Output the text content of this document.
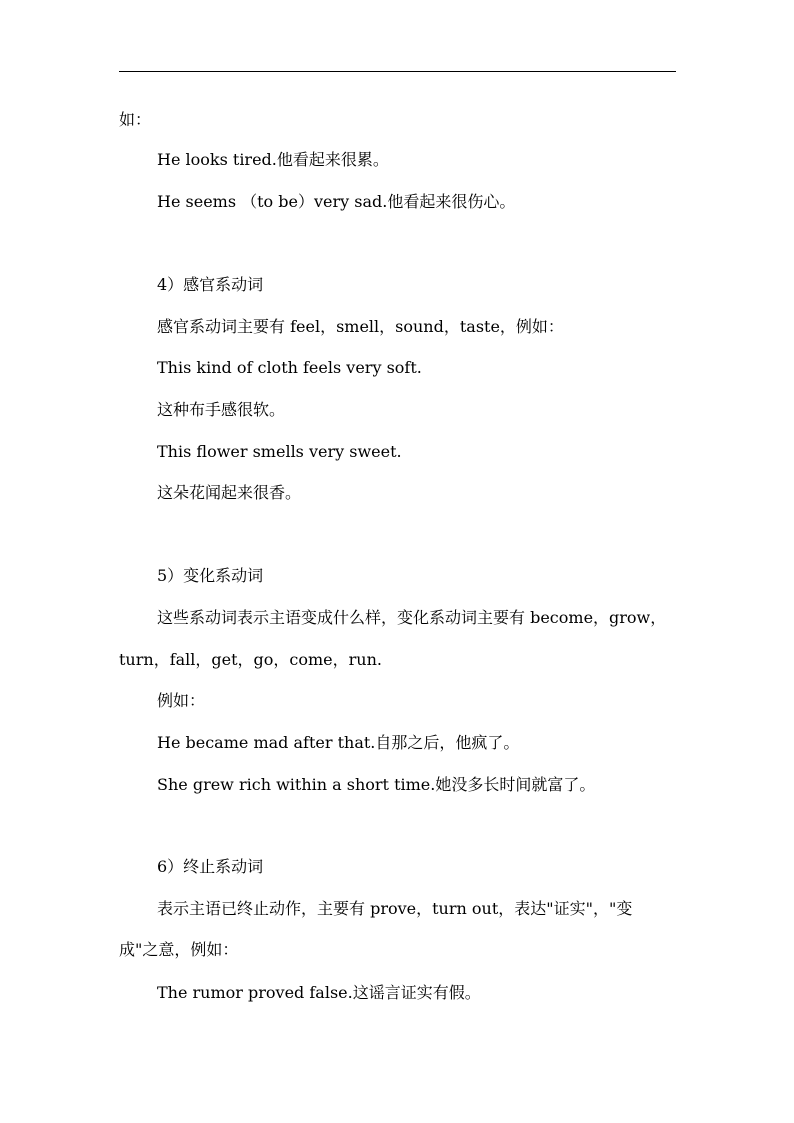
如：
He looks tired.他看起来很累。
He seems （to be）very sad.他看起来很伤心。
4）感官系动词
感官系动词主要有 feel，smell，sound，taste，例如：
This kind of cloth feels very soft.
这种布手感很软。
This flower smells very sweet.
这朵花闻起来很香。
5）变化系动词
这些系动词表示主语变成什么样，变化系动词主要有 become，grow，
turn，fall，get，go，come，run.
例如：
He became mad after that.自那之后，他疯了。
She grew rich within a short time.她没多长时间就富了。
6）终止系动词
表示主语已终止动作，主要有 prove，turn out，表达"证实"，"变
成"之意，例如：
The rumor proved false.这谣言证实有假。
